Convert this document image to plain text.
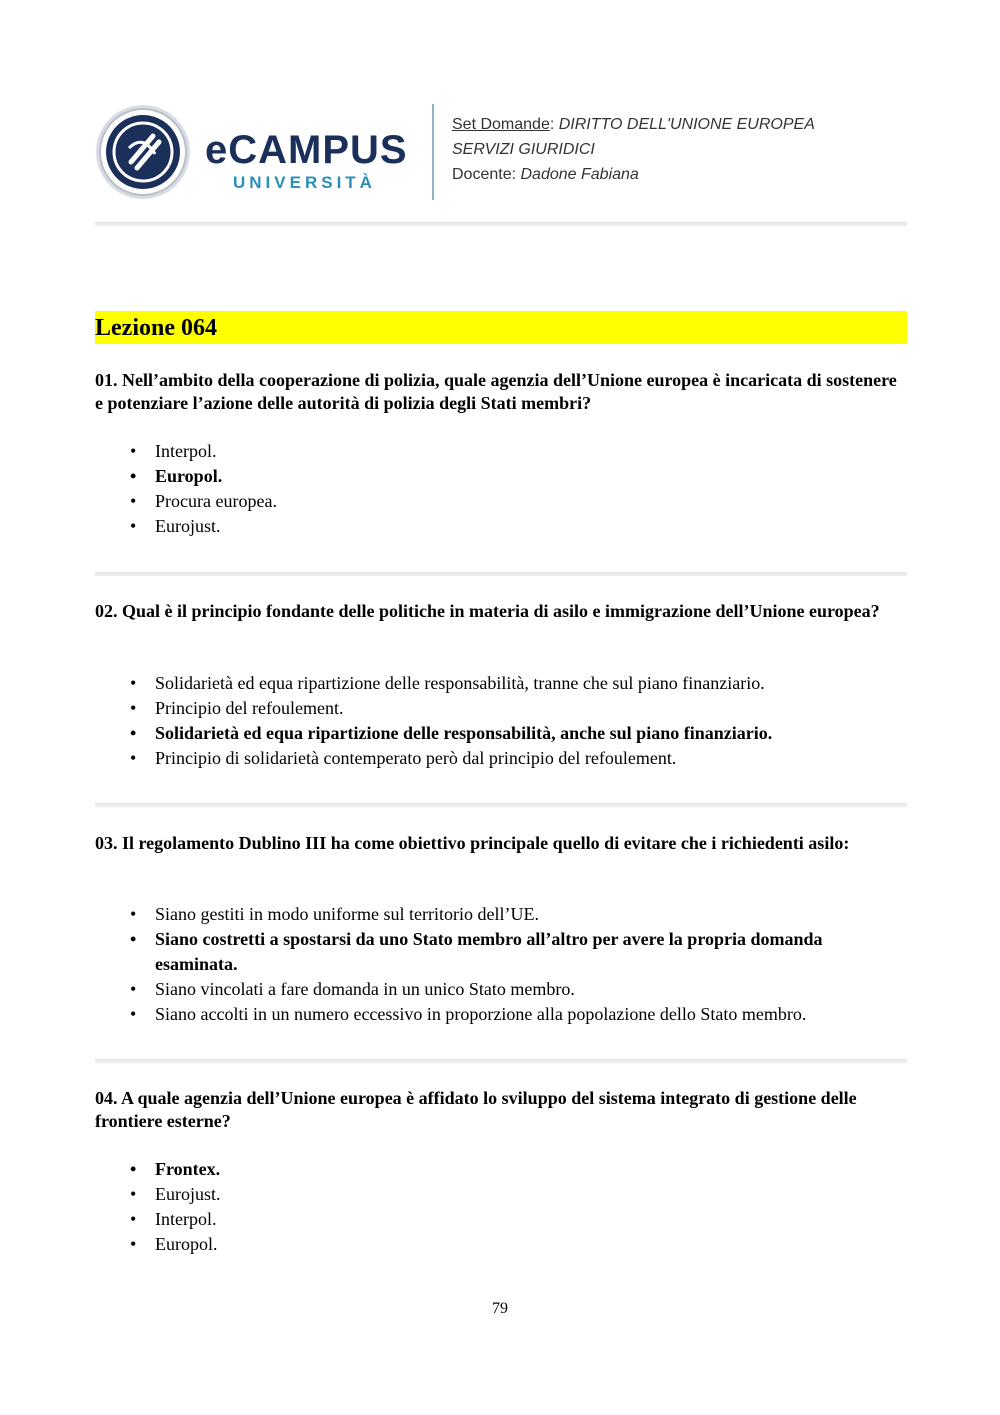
eCAMPUS
UNIVERSITÀ
Set Domande: DIRITTO DELL'UNIONE EUROPEA
SERVIZI GIURIDICI
Docente: Dadone Fabiana
Lezione 064
01. Nell’ambito della cooperazione di polizia, quale agenzia dell’Unione europea è incaricata di sostenere e potenziare l’azione delle autorità di polizia degli Stati membri?
• Interpol.
• Europol.
• Procura europea.
• Eurojust.
02. Qual è il principio fondante delle politiche in materia di asilo e immigrazione dell’Unione europea?
• Solidarietà ed equa ripartizione delle responsabilità, tranne che sul piano finanziario.
• Principio del refoulement.
• Solidarietà ed equa ripartizione delle responsabilità, anche sul piano finanziario.
• Principio di solidarietà contemperato però dal principio del refoulement.
03. Il regolamento Dublino III ha come obiettivo principale quello di evitare che i richiedenti asilo:
• Siano gestiti in modo uniforme sul territorio dell’UE.
• Siano costretti a spostarsi da uno Stato membro all’altro per avere la propria domanda esaminata.
• Siano vincolati a fare domanda in un unico Stato membro.
• Siano accolti in un numero eccessivo in proporzione alla popolazione dello Stato membro.
04. A quale agenzia dell’Unione europea è affidato lo sviluppo del sistema integrato di gestione delle frontiere esterne?
• Frontex.
• Eurojust.
• Interpol.
• Europol.
79
